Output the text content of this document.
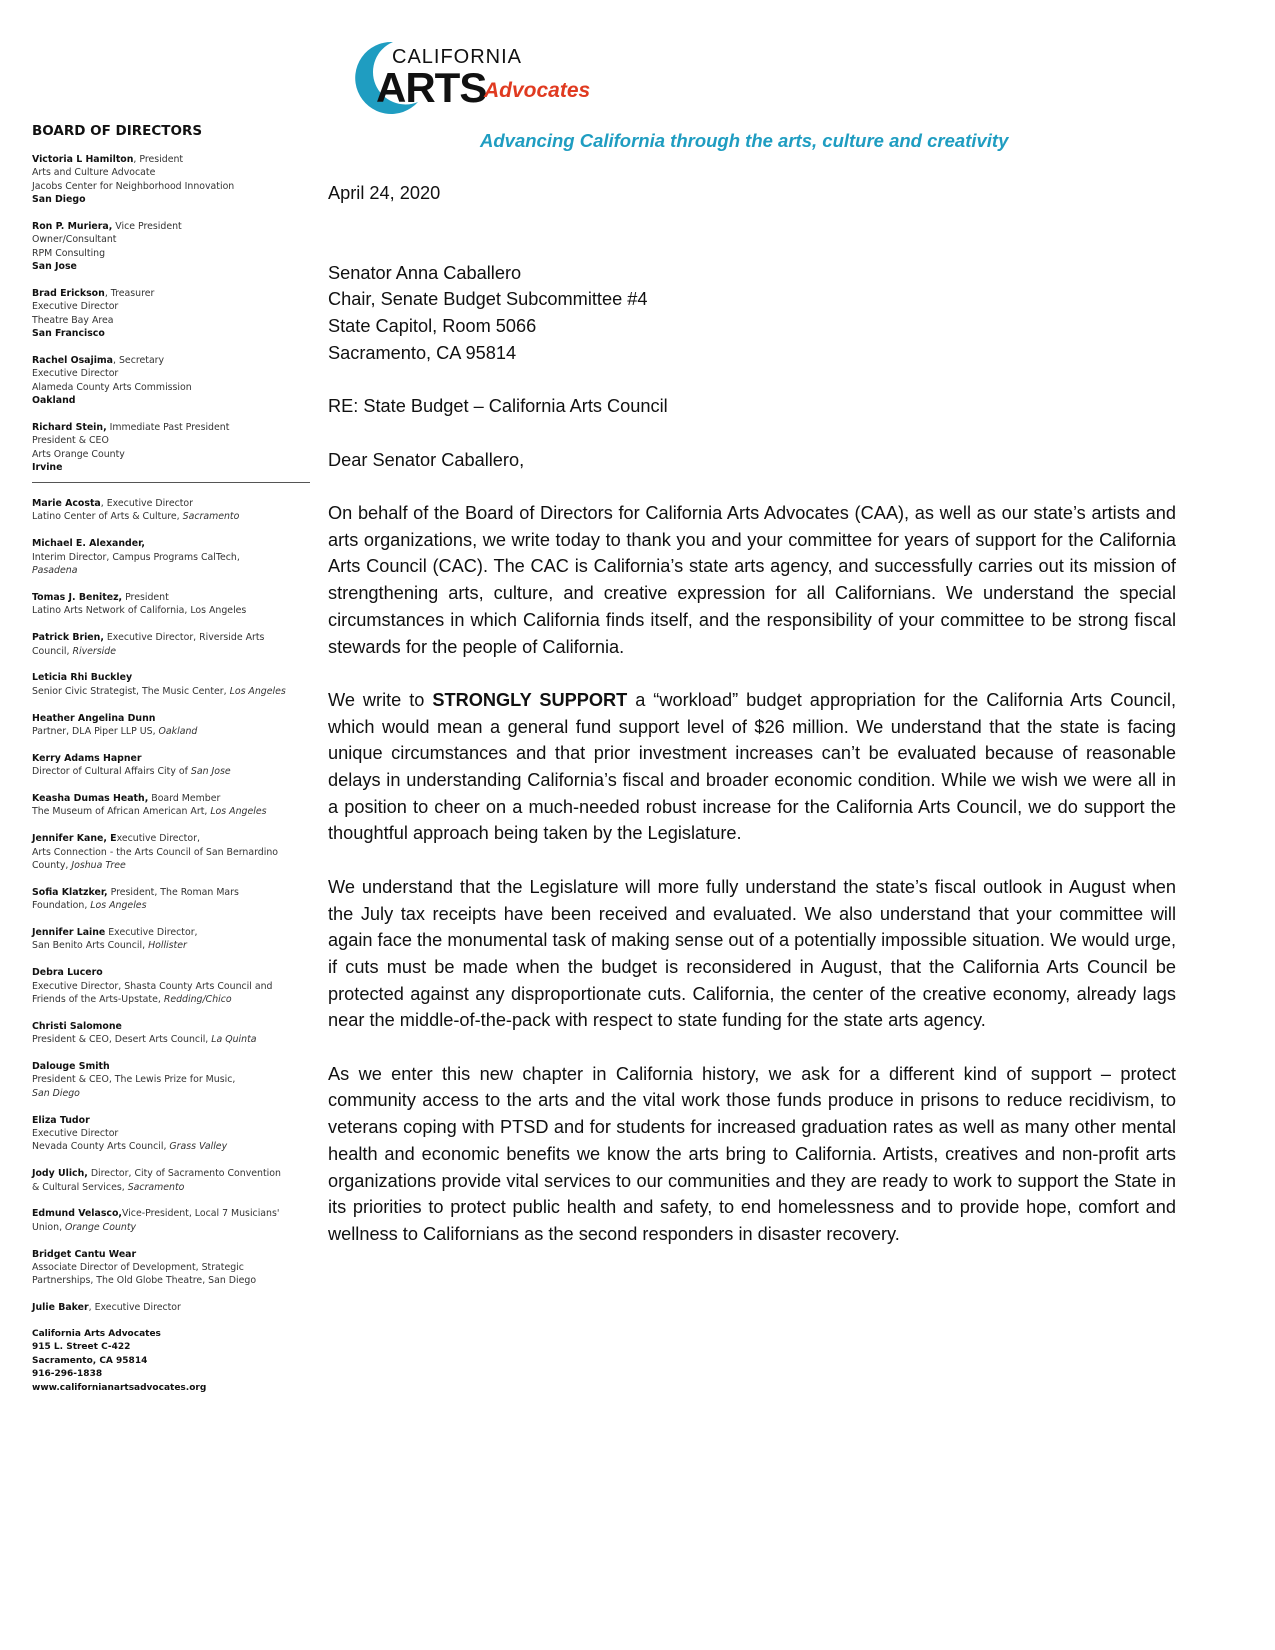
CALIFORNIA
ARTS
Advocates
Advancing California through the arts, culture and creativity
BOARD OF DIRECTORS
Victoria L Hamilton, President
Arts and Culture Advocate
Jacobs Center for Neighborhood Innovation
San Diego
Ron P. Muriera, Vice President
Owner/Consultant
RPM Consulting
San Jose
Brad Erickson, Treasurer
Executive Director
Theatre Bay Area
San Francisco
Rachel Osajima, Secretary
Executive Director
Alameda County Arts Commission
Oakland
Richard Stein, Immediate Past President
President & CEO
Arts Orange County
Irvine
Marie Acosta, Executive Director
Latino Center of Arts & Culture, Sacramento
Michael E. Alexander,
Interim Director, Campus Programs CalTech,
Pasadena
Tomas J. Benitez, President
Latino Arts Network of California, Los Angeles
Patrick Brien, Executive Director, Riverside Arts
Council, Riverside
Leticia Rhi Buckley
Senior Civic Strategist, The Music Center, Los Angeles
Heather Angelina Dunn
Partner, DLA Piper LLP US, Oakland
Kerry Adams Hapner
Director of Cultural Affairs City of San Jose
Keasha Dumas Heath, Board Member
The Museum of African American Art, Los Angeles
Jennifer Kane, Executive Director,
Arts Connection - the Arts Council of San Bernardino
County, Joshua Tree
Sofia Klatzker, President, The Roman Mars
Foundation, Los Angeles
Jennifer Laine Executive Director,
San Benito Arts Council, Hollister
Debra Lucero
Executive Director, Shasta County Arts Council and
Friends of the Arts-Upstate, Redding/Chico
Christi Salomone
President & CEO, Desert Arts Council, La Quinta
Dalouge Smith
President & CEO, The Lewis Prize for Music,
San Diego
Eliza Tudor
Executive Director
Nevada County Arts Council, Grass Valley
Jody Ulich, Director, City of Sacramento Convention
& Cultural Services, Sacramento
Edmund Velasco,Vice-President, Local 7 Musicians'
Union, Orange County
Bridget Cantu Wear
Associate Director of Development, Strategic
Partnerships, The Old Globe Theatre, San Diego
Julie Baker, Executive Director
California Arts Advocates
915 L. Street C-422
Sacramento, CA 95814
916-296-1838
www.californianartsadvocates.org

April 24, 2020

Senator Anna Caballero
Chair, Senate Budget Subcommittee #4
State Capitol, Room 5066
Sacramento, CA 95814

RE: State Budget – California Arts Council

Dear Senator Caballero,

On behalf of the Board of Directors for California Arts Advocates (CAA), as well as our state’s artists and arts organizations, we write today to thank you and your committee for years of support for the California Arts Council (CAC). The CAC is California’s state arts agency, and successfully carries out its mission of strengthening arts, culture, and creative expression for all Californians. We understand the special circumstances in which California finds itself, and the responsibility of your committee to be strong fiscal stewards for the people of California.

We write to STRONGLY SUPPORT a “workload” budget appropriation for the California Arts Council, which would mean a general fund support level of $26 million. We understand that the state is facing unique circumstances and that prior investment increases can’t be evaluated because of reasonable delays in understanding California’s fiscal and broader economic condition. While we wish we were all in a position to cheer on a much-needed robust increase for the California Arts Council, we do support the thoughtful approach being taken by the Legislature.

We understand that the Legislature will more fully understand the state’s fiscal outlook in August when the July tax receipts have been received and evaluated. We also understand that your committee will again face the monumental task of making sense out of a potentially impossible situation. We would urge, if cuts must be made when the budget is reconsidered in August, that the California Arts Council be protected against any disproportionate cuts. California, the center of the creative economy, already lags near the middle-of-the-pack with respect to state funding for the state arts agency.

As we enter this new chapter in California history, we ask for a different kind of support – protect community access to the arts and the vital work those funds produce in prisons to reduce recidivism, to veterans coping with PTSD and for students for increased graduation rates as well as many other mental health and economic benefits we know the arts bring to California. Artists, creatives and non-profit arts organizations provide vital services to our communities and they are ready to work to support the State in its priorities to protect public health and safety, to end homelessness and to provide hope, comfort and wellness to Californians as the second responders in disaster recovery.
